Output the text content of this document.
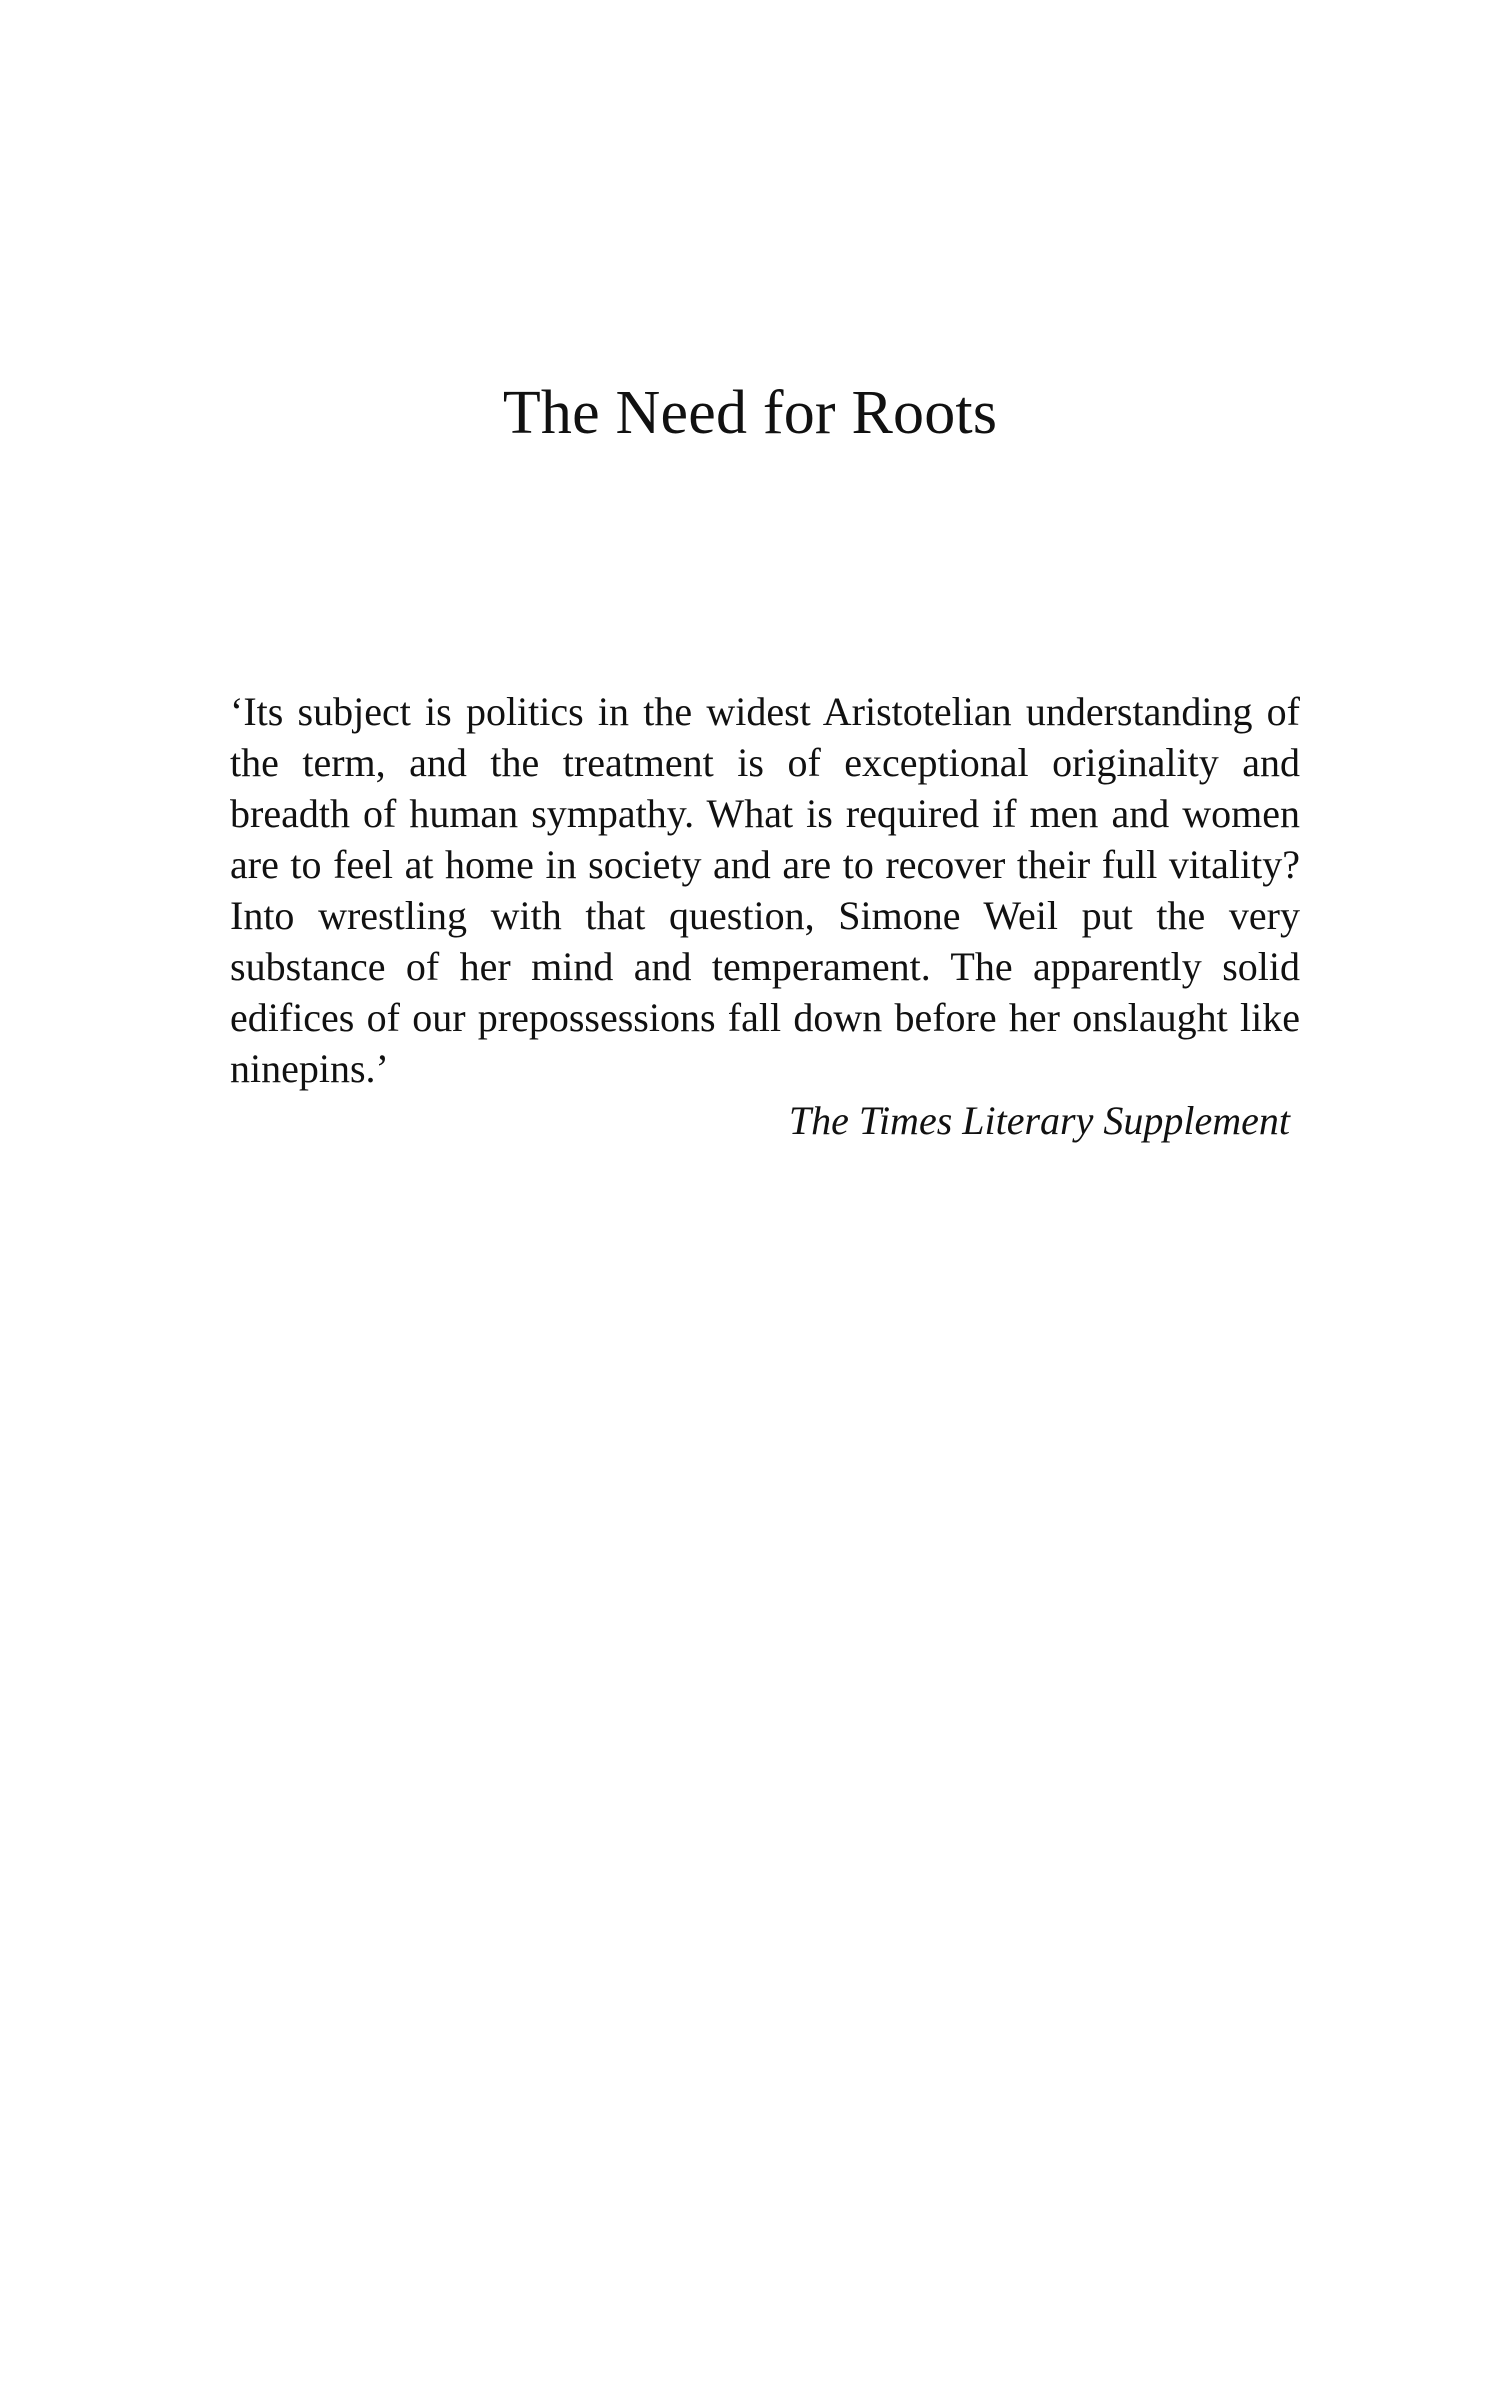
The Need for Roots

‘Its subject is politics in the widest Aristotelian understanding of the term, and the treatment is of exceptional originality and breadth of human sympathy. What is required if men and women are to feel at home in society and are to recover their full vitality? Into wrestling with that question, Simone Weil put the very substance of her mind and temperament. The apparently solid edifices of our prepossessions fall down before her onslaught like ninepins.’

The Times Literary Supplement
